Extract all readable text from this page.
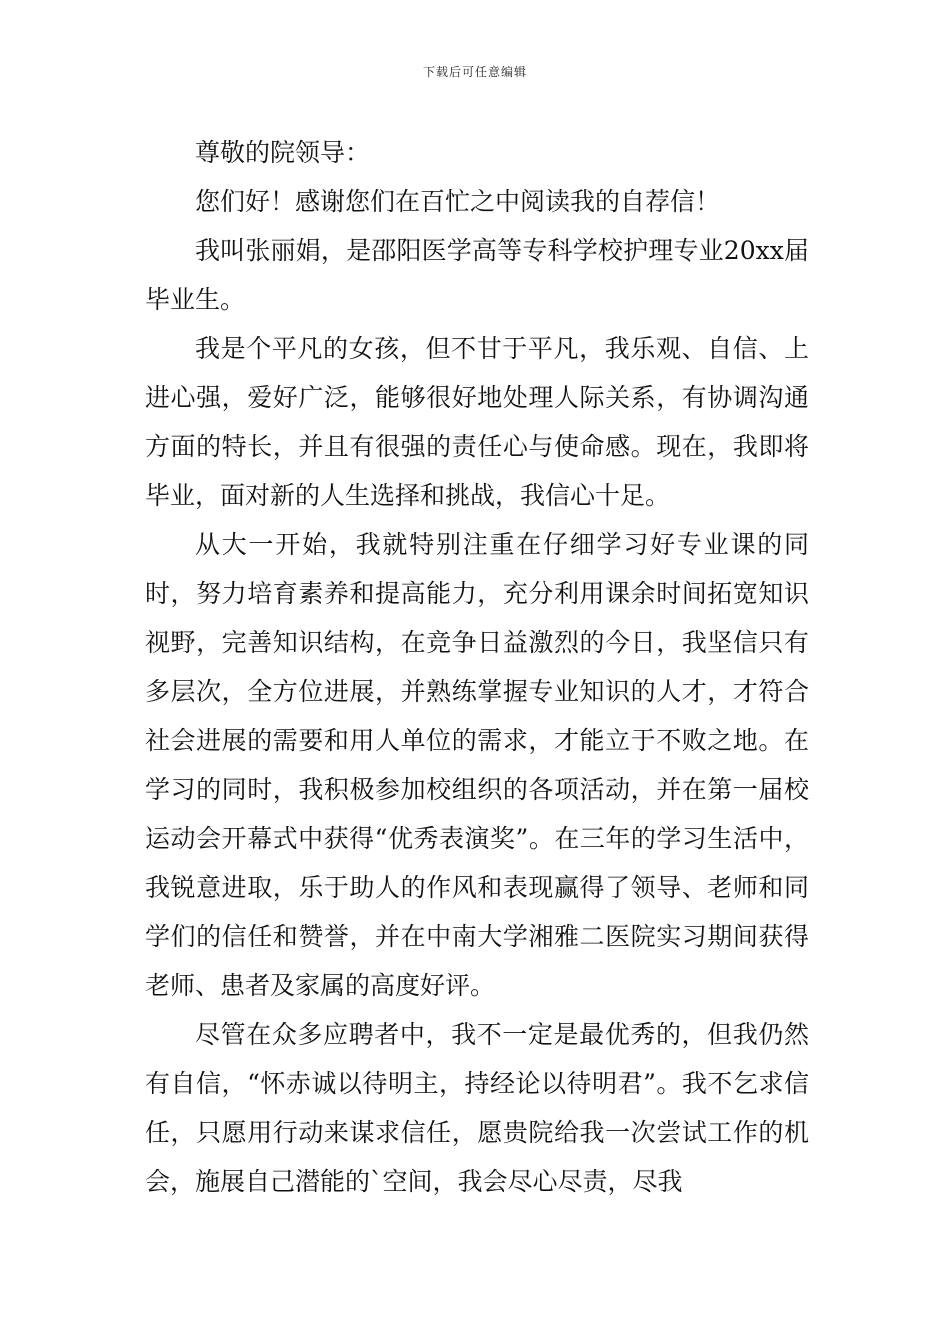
下载后可任意编辑

尊敬的院领导：

您们好！感谢您们在百忙之中阅读我的自荐信！

我叫张丽娟，是邵阳医学高等专科学校护理专业20xx届毕业生。

我是个平凡的女孩，但不甘于平凡，我乐观、自信、上进心强，爱好广泛，能够很好地处理人际关系，有协调沟通方面的特长，并且有很强的责任心与使命感。现在，我即将毕业，面对新的人生选择和挑战，我信心十足。

从大一开始，我就特别注重在仔细学习好专业课的同时，努力培育素养和提高能力，充分利用课余时间拓宽知识视野，完善知识结构，在竞争日益激烈的今日，我坚信只有多层次，全方位进展，并熟练掌握专业知识的人才，才符合社会进展的需要和用人单位的需求，才能立于不败之地。在学习的同时，我积极参加校组织的各项活动，并在第一届校运动会开幕式中获得“优秀表演奖”。在三年的学习生活中，我锐意进取，乐于助人的作风和表现赢得了领导、老师和同学们的信任和赞誉，并在中南大学湘雅二医院实习期间获得老师、患者及家属的高度好评。

尽管在众多应聘者中，我不一定是最优秀的，但我仍然有自信，“怀赤诚以待明主，持经论以待明君”。我不乞求信任，只愿用行动来谋求信任，愿贵院给我一次尝试工作的机会，施展自己潜能的`空间，我会尽心尽责，尽我
